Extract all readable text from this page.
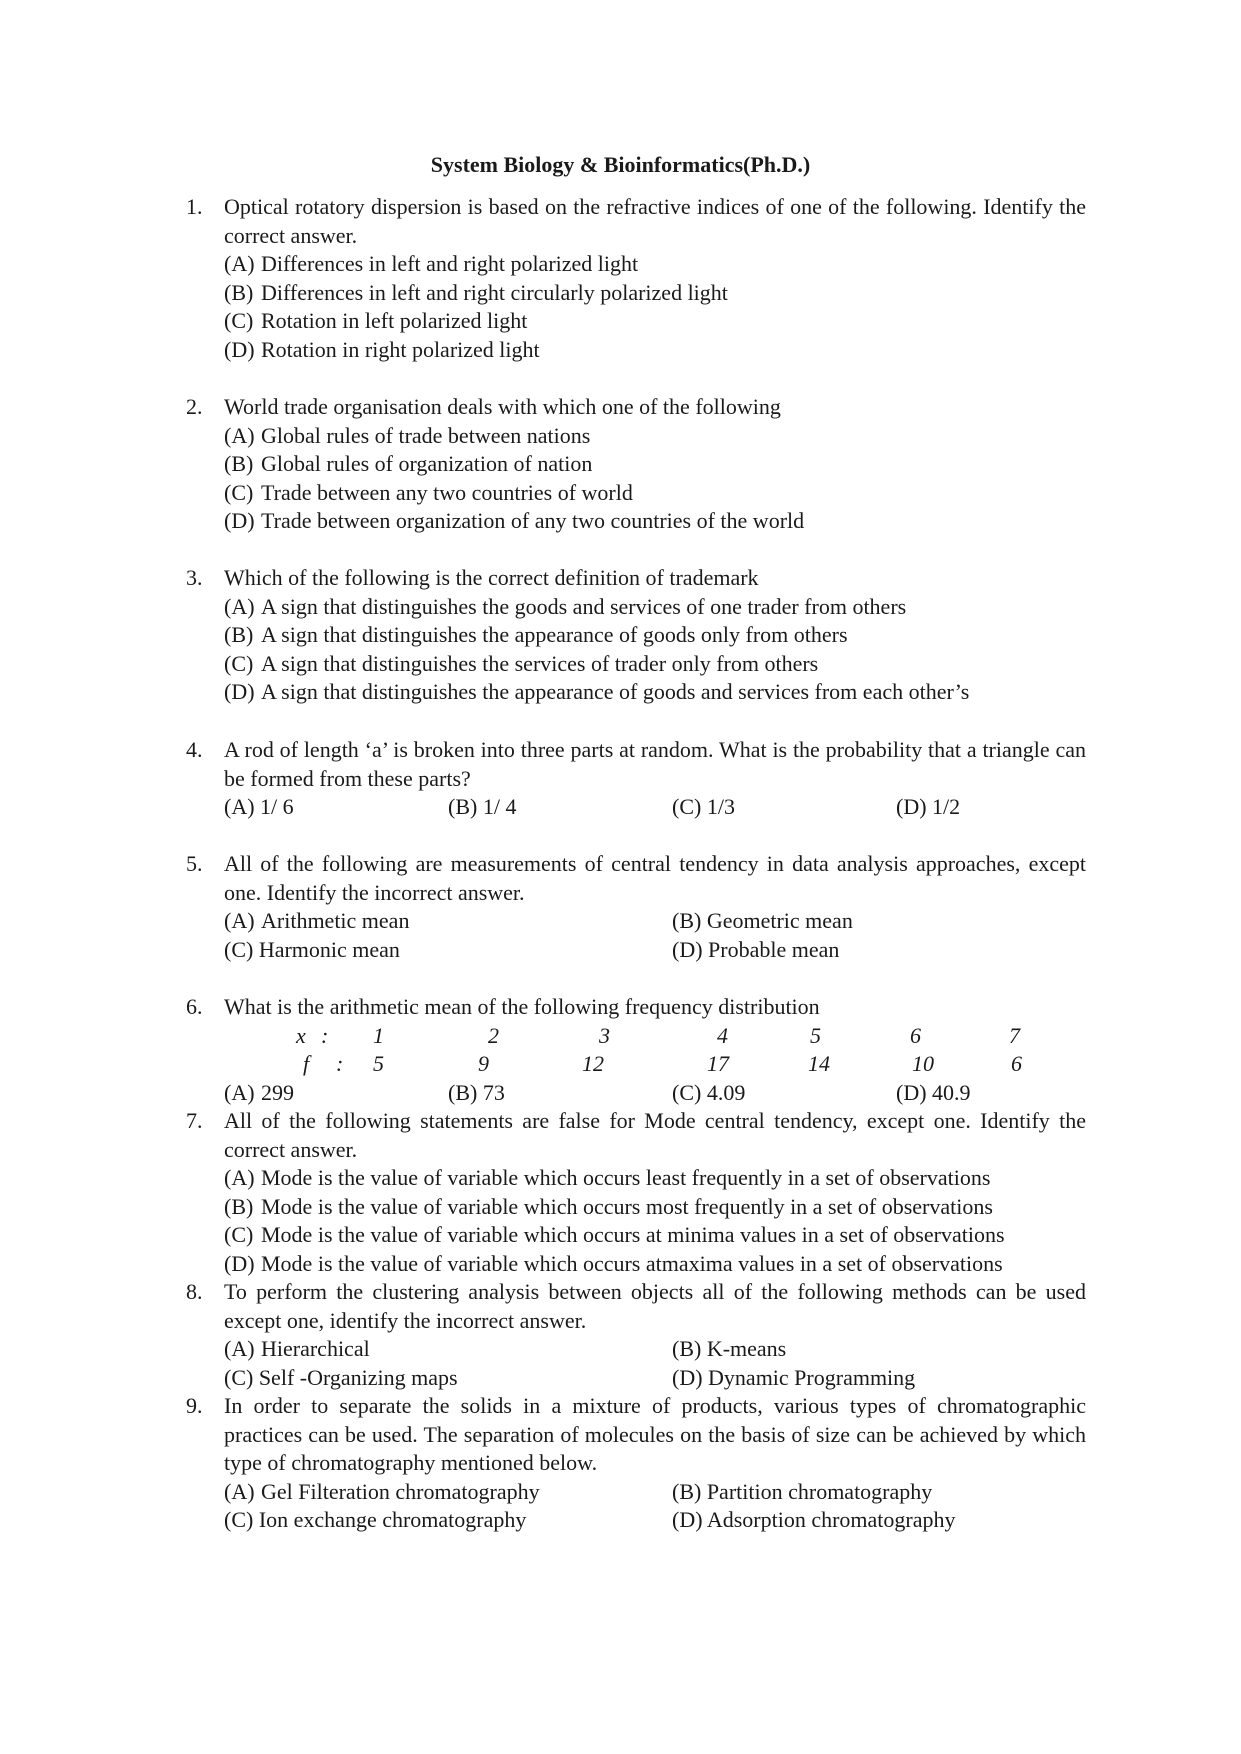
System Biology & Bioinformatics(Ph.D.)
1. Optical rotatory dispersion is based on the refractive indices of one of the following. Identify the correct answer.
(A) Differences in left and right polarized light
(B) Differences in left and right circularly polarized light
(C) Rotation in left polarized light
(D) Rotation in right polarized light
2. World trade organisation deals with which one of the following
(A) Global rules of trade between nations
(B) Global rules of organization of nation
(C) Trade between any two countries of world
(D) Trade between organization of any two countries of the world
3. Which of the following is the correct definition of trademark
(A) A sign that distinguishes the goods and services of one trader from others
(B) A sign that distinguishes the appearance of goods only from others
(C) A sign that distinguishes the services of trader only from others
(D) A sign that distinguishes the appearance of goods and services from each other’s
4. A rod of length ‘a’ is broken into three parts at random. What is the probability that a triangle can be formed from these parts?
(A) 1/ 6	(B) 1/ 4	(C) 1/3	(D) 1/2
5. All of the following are measurements of central tendency in data analysis approaches, except one. Identify the incorrect answer.
(A) Arithmetic mean	(B) Geometric mean
(C) Harmonic mean	(D) Probable mean
6. What is the arithmetic mean of the following frequency distribution
x : 1	2	3	4	5	6	7
f : 5	9	12	17	14	10	6
(A) 299	(B) 73	(C) 4.09	(D) 40.9
7. All of the following statements are false for Mode central tendency, except one. Identify the correct answer.
(A) Mode is the value of variable which occurs least frequently in a set of observations
(B) Mode is the value of variable which occurs most frequently in a set of observations
(C) Mode is the value of variable which occurs at minima values in a set of observations
(D) Mode is the value of variable which occurs atmaxima values in a set of observations
8. To perform the clustering analysis between objects all of the following methods can be used except one, identify the incorrect answer.
(A) Hierarchical	(B) K-means
(C) Self -Organizing maps	(D) Dynamic Programming
9. In order to separate the solids in a mixture of products, various types of chromatographic practices can be used. The separation of molecules on the basis of size can be achieved by which type of chromatography mentioned below.
(A) Gel Filteration chromatography	(B) Partition chromatography
(C) Ion exchange chromatography	(D) Adsorption chromatography
